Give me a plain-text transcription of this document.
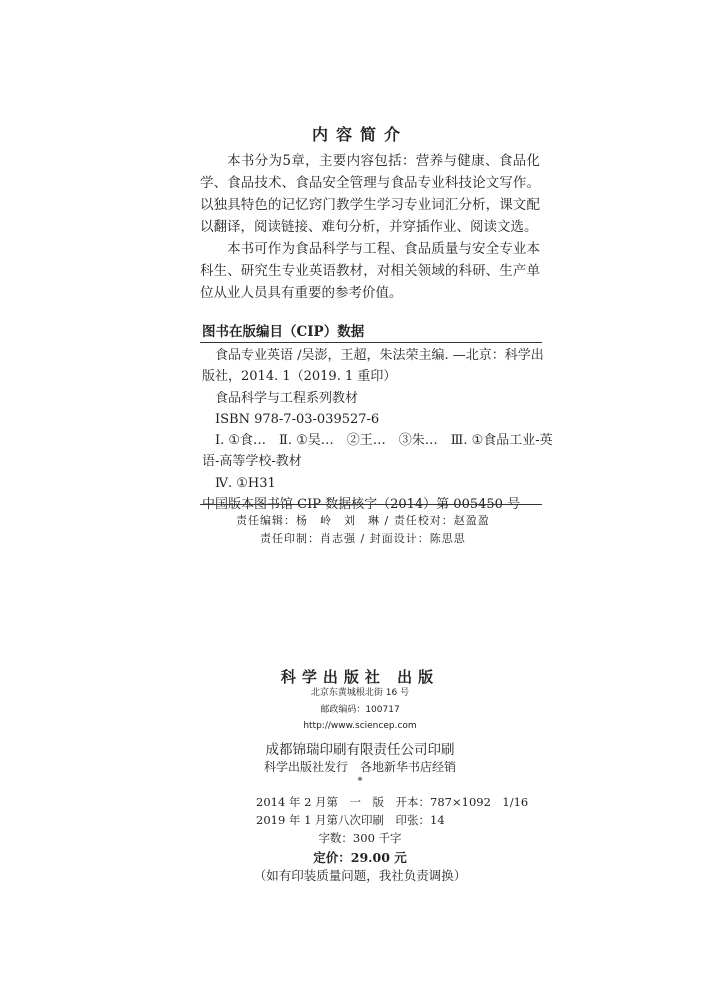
内容简介

本书分为5章，主要内容包括：营养与健康、食品化学、食品技术、食品安全管理与食品专业科技论文写作。以独具特色的记忆窍门教学生学习专业词汇分析，课文配以翻译，阅读链接、难句分析，并穿插作业、阅读文选。

本书可作为食品科学与工程、食品质量与安全专业本科生、研究生专业英语教材，对相关领域的科研、生产单位从业人员具有重要的参考价值。

图书在版编目（CIP）数据
食品专业英语 /吴澎，王超，朱法荣主编. —北京：科学出
版社，2014. 1（2019. 1 重印）
食品科学与工程系列教材
ISBN 978-7-03-039527-6
Ⅰ. ①食…　Ⅱ. ①吴…　②王…　③朱…　Ⅲ. ①食品工业-英
语-高等学校-教材
Ⅳ. ①H31
中国版本图书馆 CIP 数据核字（2014）第 005450 号
责任编辑：杨　岭　刘　琳 / 责任校对：赵盈盈
责任印制：肖志强 / 封面设计：陈思思
科学出版社 出版
北京东黄城根北街 16 号
邮政编码：100717
http://www.sciencep.com
成都锦瑞印刷有限责任公司印刷
科学出版社发行　各地新华书店经销
*
2014 年 2 月第　一　版　开本：787×1092　1/16
2019 年 1 月第八次印刷　印张：14
字数：300 千字
定价：29.00 元
（如有印装质量问题，我社负责调换）
